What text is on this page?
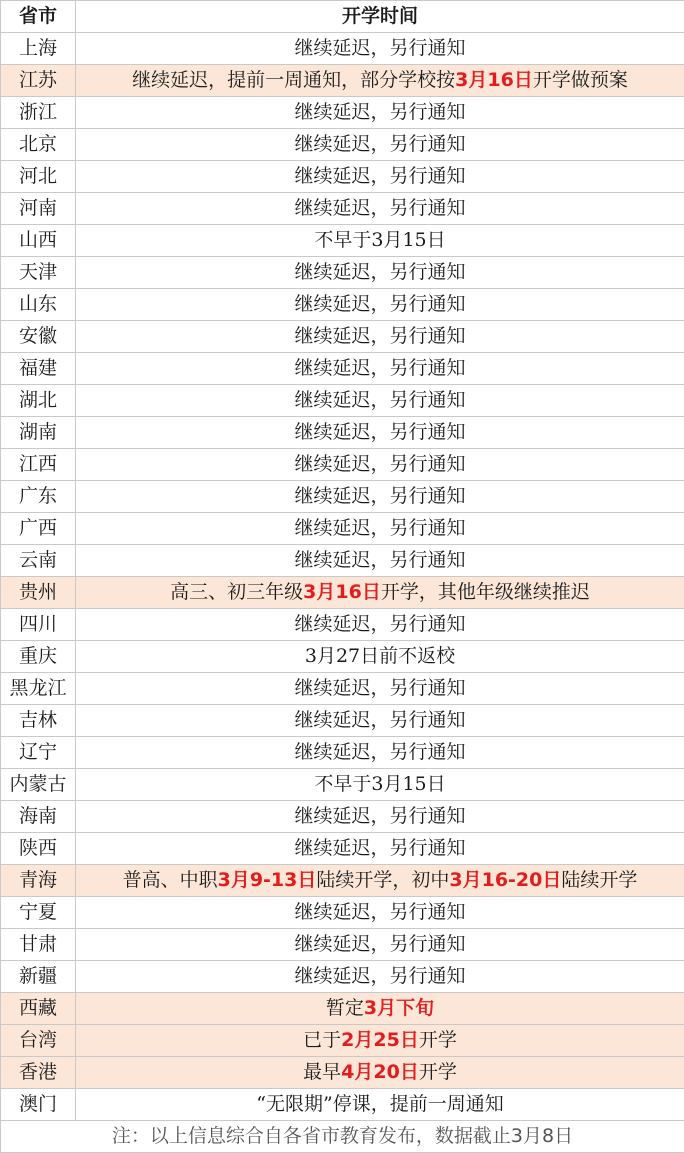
省市	开学时间
上海	继续延迟，另行通知
江苏	继续延迟，提前一周通知，部分学校按3月16日开学做预案
浙江	继续延迟，另行通知
北京	继续延迟，另行通知
河北	继续延迟，另行通知
河南	继续延迟，另行通知
山西	不早于3月15日
天津	继续延迟，另行通知
山东	继续延迟，另行通知
安徽	继续延迟，另行通知
福建	继续延迟，另行通知
湖北	继续延迟，另行通知
湖南	继续延迟，另行通知
江西	继续延迟，另行通知
广东	继续延迟，另行通知
广西	继续延迟，另行通知
云南	继续延迟，另行通知
贵州	高三、初三年级3月16日开学，其他年级继续推迟
四川	继续延迟，另行通知
重庆	3月27日前不返校
黑龙江	继续延迟，另行通知
吉林	继续延迟，另行通知
辽宁	继续延迟，另行通知
内蒙古	不早于3月15日
海南	继续延迟，另行通知
陕西	继续延迟，另行通知
青海	普高、中职3月9-13日陆续开学，初中3月16-20日陆续开学
宁夏	继续延迟，另行通知
甘肃	继续延迟，另行通知
新疆	继续延迟，另行通知
西藏	暂定3月下旬
台湾	已于2月25日开学
香港	最早4月20日开学
澳门	“无限期”停课，提前一周通知
注：以上信息综合自各省市教育发布，数据截止3月8日	
